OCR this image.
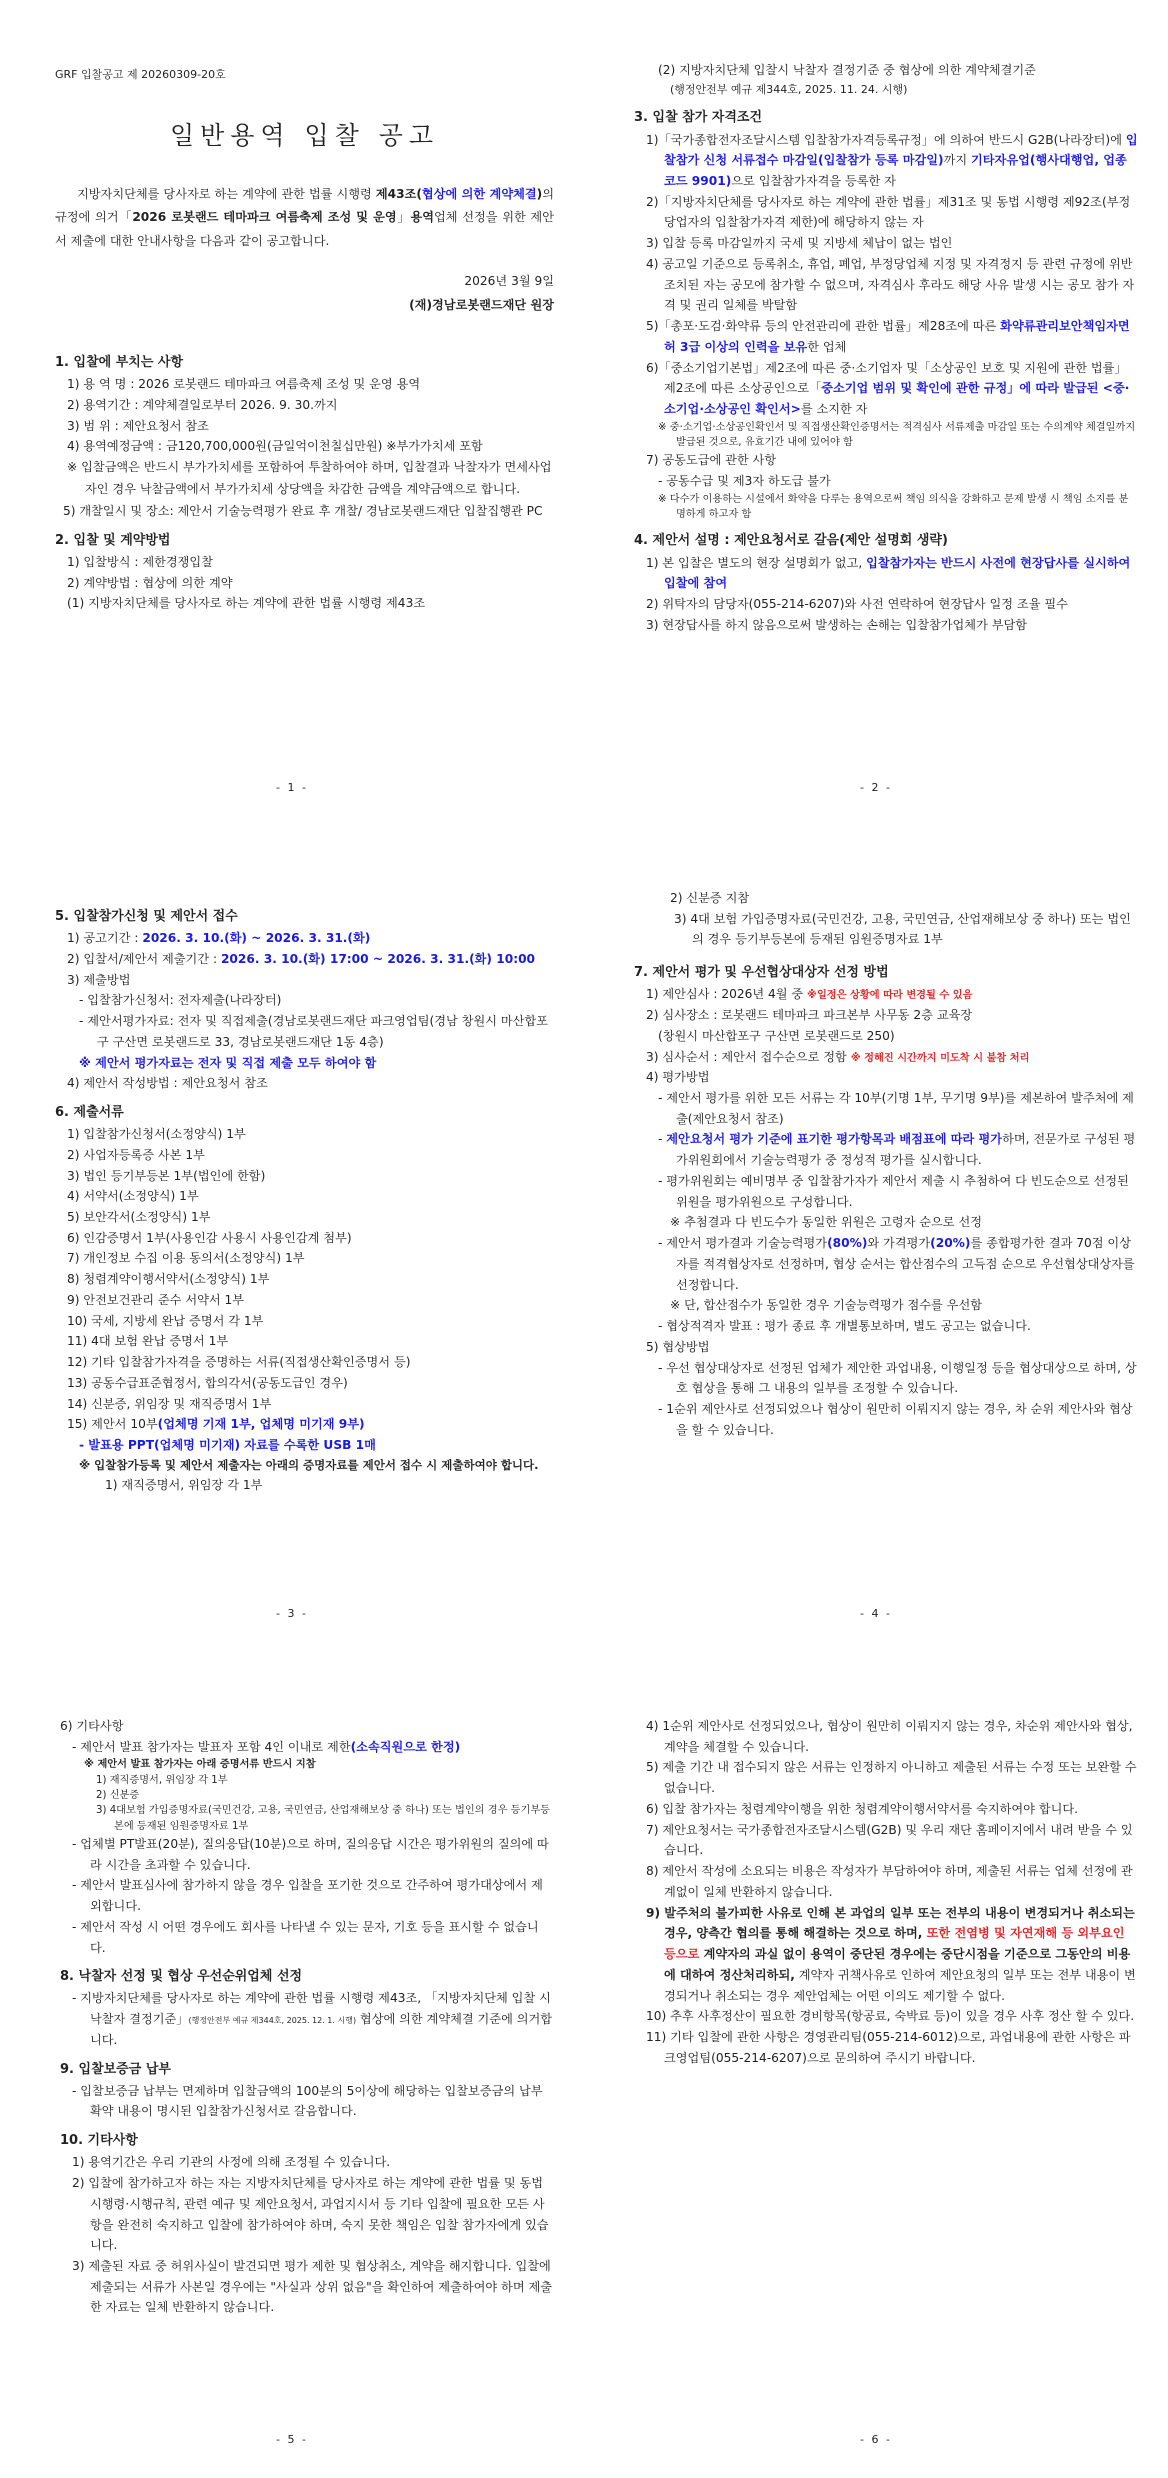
GRF 입찰공고 제 20260309-20호
일반용역 입찰 공고
지방자치단체를 당사자로 하는 계약에 관한 법률 시행령 제43조(협상에 의한 계약체결)의 규정에 의거「2026 로봇랜드 테마파크 여름축제 조성 및 운영」용역업체 선정을 위한 제안서 제출에 대한 안내사항을 다음과 같이 공고합니다.
2026년 3월 9일
(재)경남로봇랜드재단 원장
1. 입찰에 부치는 사항
1) 용 역 명 : 2026 로봇랜드 테마파크 여름축제 조성 및 운영 용역
2) 용역기간 : 계약체결일로부터 2026. 9. 30.까지
3) 범 위 : 제안요청서 참조
4) 용역예정금액 : 금120,700,000원(금일억이천칠십만원) ※부가가치세 포함
※ 입찰금액은 반드시 부가가치세를 포함하여 투찰하여야 하며, 입찰결과 낙찰자가 면세사업자인 경우 낙찰금액에서 부가가치세 상당액을 차감한 금액을 계약금액으로 합니다.
5) 개찰일시 및 장소: 제안서 기술능력평가 완료 후 개찰/ 경남로봇랜드재단 입찰집행관 PC
2. 입찰 및 계약방법
1) 입찰방식 : 제한경쟁입찰
2) 계약방법 : 협상에 의한 계약
(1) 지방자치단체를 당사자로 하는 계약에 관한 법률 시행령 제43조
- 1 -
(2) 지방자치단체 입찰시 낙찰자 결정기준 중 협상에 의한 계약체결기준
(행정안전부 예규 제344호, 2025. 11. 24. 시행)
3. 입찰 참가 자격조건
1)「국가종합전자조달시스템 입찰참가자격등록규정」에 의하여 반드시 G2B(나라장터)에 입찰참가 신청 서류접수 마감일(입찰참가 등록 마감일)까지 기타자유업(행사대행업, 업종코드 9901)으로 입찰참가자격을 등록한 자
2)「지방자치단체를 당사자로 하는 계약에 관한 법률」제31조 및 동법 시행령 제92조(부정당업자의 입찰참가자격 제한)에 해당하지 않는 자
3) 입찰 등록 마감일까지 국세 및 지방세 체납이 없는 법인
4) 공고일 기준으로 등록취소, 휴업, 폐업, 부정당업체 지정 및 자격정지 등 관련 규정에 위반 조치된 자는 공모에 참가할 수 없으며, 자격심사 후라도 해당 사유 발생 시는 공모 참가 자격 및 권리 일체를 박탈함
5)「총포·도검·화약류 등의 안전관리에 관한 법률」제28조에 따른 화약류관리보안책임자면허 3급 이상의 인력을 보유한 업체
6)「중소기업기본법」제2조에 따른 중·소기업자 및「소상공인 보호 및 지원에 관한 법률」제2조에 따른 소상공인으로「중소기업 범위 및 확인에 관한 규정」에 따라 발급된 <중·소기업·소상공인 확인서>를 소지한 자
※ 중·소기업·소상공인확인서 및 직접생산확인증명서는 적격심사 서류제출 마감일 또는 수의계약 체결일까지 발급된 것으로, 유효기간 내에 있어야 함
7) 공동도급에 관한 사항
- 공동수급 및 제3자 하도급 불가
※ 다수가 이용하는 시설에서 화약을 다루는 용역으로써 책임 의식을 강화하고 문제 발생 시 책임 소지를 분명하게 하고자 함
4. 제안서 설명 : 제안요청서로 갈음(제안 설명회 생략)
1) 본 입찰은 별도의 현장 설명회가 없고, 입찰참가자는 반드시 사전에 현장답사를 실시하여 입찰에 참여
2) 위탁자의 담당자(055-214-6207)와 사전 연락하여 현장답사 일정 조율 필수
3) 현장답사를 하지 않음으로써 발생하는 손해는 입찰참가업체가 부담함
- 2 -
5. 입찰참가신청 및 제안서 접수
1) 공고기간 : 2026. 3. 10.(화) ~ 2026. 3. 31.(화)
2) 입찰서/제안서 제출기간 : 2026. 3. 10.(화) 17:00 ~ 2026. 3. 31.(화) 10:00
3) 제출방법
- 입찰참가신청서: 전자제출(나라장터)
- 제안서평가자료: 전자 및 직접제출(경남로봇랜드재단 파크영업팀(경남 창원시 마산합포구 구산면 로봇랜드로 33, 경남로봇랜드재단 1동 4층)
※ 제안서 평가자료는 전자 및 직접 제출 모두 하여야 함
4) 제안서 작성방법 : 제안요청서 참조
6. 제출서류
1) 입찰참가신청서(소정양식) 1부
2) 사업자등록증 사본 1부
3) 법인 등기부등본 1부(법인에 한함)
4) 서약서(소정양식) 1부
5) 보안각서(소정양식) 1부
6) 인감증명서 1부(사용인감 사용시 사용인감계 첨부)
7) 개인정보 수집 이용 동의서(소정양식) 1부
8) 청렴계약이행서약서(소정양식) 1부
9) 안전보건관리 준수 서약서 1부
10) 국세, 지방세 완납 증명서 각 1부
11) 4대 보험 완납 증명서 1부
12) 기타 입찰참가자격을 증명하는 서류(직접생산확인증명서 등)
13) 공동수급표준협정서, 합의각서(공동도급인 경우)
14) 신분증, 위임장 및 재직증명서 1부
15) 제안서 10부(업체명 기재 1부, 업체명 미기재 9부)
- 발표용 PPT(업체명 미기재) 자료를 수록한 USB 1매
※ 입찰참가등록 및 제안서 제출자는 아래의 증명자료를 제안서 접수 시 제출하여야 합니다.
1) 재직증명서, 위임장 각 1부
- 3 -
2) 신분증 지참
3) 4대 보험 가입증명자료(국민건강, 고용, 국민연금, 산업재해보상 중 하나) 또는 법인의 경우 등기부등본에 등재된 임원증명자료 1부
7. 제안서 평가 및 우선협상대상자 선정 방법
1) 제안심사 : 2026년 4월 중 ※일정은 상황에 따라 변경될 수 있음
2) 심사장소 : 로봇랜드 테마파크 파크본부 사무동 2층 교육장
(창원시 마산합포구 구산면 로봇랜드로 250)
3) 심사순서 : 제안서 접수순으로 정함 ※ 정해진 시간까지 미도착 시 불참 처리
4) 평가방법
- 제안서 평가를 위한 모든 서류는 각 10부(기명 1부, 무기명 9부)를 제본하여 발주처에 제출(제안요청서 참조)
- 제안요청서 평가 기준에 표기한 평가항목과 배점표에 따라 평가하며, 전문가로 구성된 평가위원회에서 기술능력평가 중 정성적 평가를 실시합니다.
- 평가위원회는 예비명부 중 입찰참가자가 제안서 제출 시 추첨하여 다 빈도순으로 선정된 위원을 평가위원으로 구성합니다.
※ 추첨결과 다 빈도수가 동일한 위원은 고령자 순으로 선정
- 제안서 평가결과 기술능력평가(80%)와 가격평가(20%)를 종합평가한 결과 70점 이상자를 적격협상자로 선정하며, 협상 순서는 합산점수의 고득점 순으로 우선협상대상자를 선정합니다.
※ 단, 합산점수가 동일한 경우 기술능력평가 점수를 우선함
- 협상적격자 발표 : 평가 종료 후 개별통보하며, 별도 공고는 없습니다.
5) 협상방법
- 우선 협상대상자로 선정된 업체가 제안한 과업내용, 이행일정 등을 협상대상으로 하며, 상호 협상을 통해 그 내용의 일부를 조정할 수 있습니다.
- 1순위 제안사로 선정되었으나 협상이 원만히 이뤄지지 않는 경우, 차 순위 제안사와 협상을 할 수 있습니다.
- 4 -
6) 기타사항
- 제안서 발표 참가자는 발표자 포함 4인 이내로 제한(소속직원으로 한정)
※ 제안서 발표 참가자는 아래 증명서류 반드시 지참
1) 재직증명서, 위임장 각 1부
2) 신분증
3) 4대보험 가입증명자료(국민건강, 고용, 국민연금, 산업재해보상 중 하나) 또는 법인의 경우 등기부등본에 등재된 임원증명자료 1부
- 업체별 PT발표(20분), 질의응답(10분)으로 하며, 질의응답 시간은 평가위원의 질의에 따라 시간을 초과할 수 있습니다.
- 제안서 발표심사에 참가하지 않을 경우 입찰을 포기한 것으로 간주하여 평가대상에서 제외합니다.
- 제안서 작성 시 어떤 경우에도 회사를 나타낼 수 있는 문자, 기호 등을 표시할 수 없습니다.
8. 낙찰자 선정 및 협상 우선순위업체 선정
- 지방자치단체를 당사자로 하는 계약에 관한 법률 시행령 제43조, 「지방자치단체 입찰 시 낙찰자 결정기준」(행정안전부 예규 제344호, 2025. 12. 1. 시행) 협상에 의한 계약체결 기준에 의거합니다.
9. 입찰보증금 납부
- 입찰보증금 납부는 면제하며 입찰금액의 100분의 5이상에 해당하는 입찰보증금의 납부확약 내용이 명시된 입찰참가신청서로 갈음합니다.
10. 기타사항
1) 용역기간은 우리 기관의 사정에 의해 조정될 수 있습니다.
2) 입찰에 참가하고자 하는 자는 지방자치단체를 당사자로 하는 계약에 관한 법률 및 동법 시행령·시행규칙, 관련 예규 및 제안요청서, 과업지시서 등 기타 입찰에 필요한 모든 사항을 완전히 숙지하고 입찰에 참가하여야 하며, 숙지 못한 책임은 입찰 참가자에게 있습니다.
3) 제출된 자료 중 허위사실이 발견되면 평가 제한 및 협상취소, 계약을 해지합니다. 입찰에 제출되는 서류가 사본일 경우에는 "사실과 상위 없음"을 확인하여 제출하여야 하며 제출한 자료는 일체 반환하지 않습니다.
- 5 -
4) 1순위 제안사로 선정되었으나, 협상이 원만히 이뤄지지 않는 경우, 차순위 제안사와 협상, 계약을 체결할 수 있습니다.
5) 제출 기간 내 접수되지 않은 서류는 인정하지 아니하고 제출된 서류는 수정 또는 보완할 수 없습니다.
6) 입찰 참가자는 청렴계약이행을 위한 청렴계약이행서약서를 숙지하여야 합니다.
7) 제안요청서는 국가종합전자조달시스템(G2B) 및 우리 재단 홈페이지에서 내려 받을 수 있습니다.
8) 제안서 작성에 소요되는 비용은 작성자가 부담하여야 하며, 제출된 서류는 업체 선정에 관계없이 일체 반환하지 않습니다.
9) 발주처의 불가피한 사유로 인해 본 과업의 일부 또는 전부의 내용이 변경되거나 취소되는 경우, 양측간 협의를 통해 해결하는 것으로 하며, 또한 전염병 및 자연재해 등 외부요인 등으로 계약자의 과실 없이 용역이 중단된 경우에는 중단시점을 기준으로 그동안의 비용에 대하여 정산처리하되, 계약자 귀책사유로 인하여 제안요청의 일부 또는 전부 내용이 변경되거나 취소되는 경우 제안업체는 어떤 이의도 제기할 수 없다.
10) 추후 사후정산이 필요한 경비항목(항공료, 숙박료 등)이 있을 경우 사후 정산 할 수 있다.
11) 기타 입찰에 관한 사항은 경영관리팀(055-214-6012)으로, 과업내용에 관한 사항은 파크영업팀(055-214-6207)으로 문의하여 주시기 바랍니다.
- 6 -
